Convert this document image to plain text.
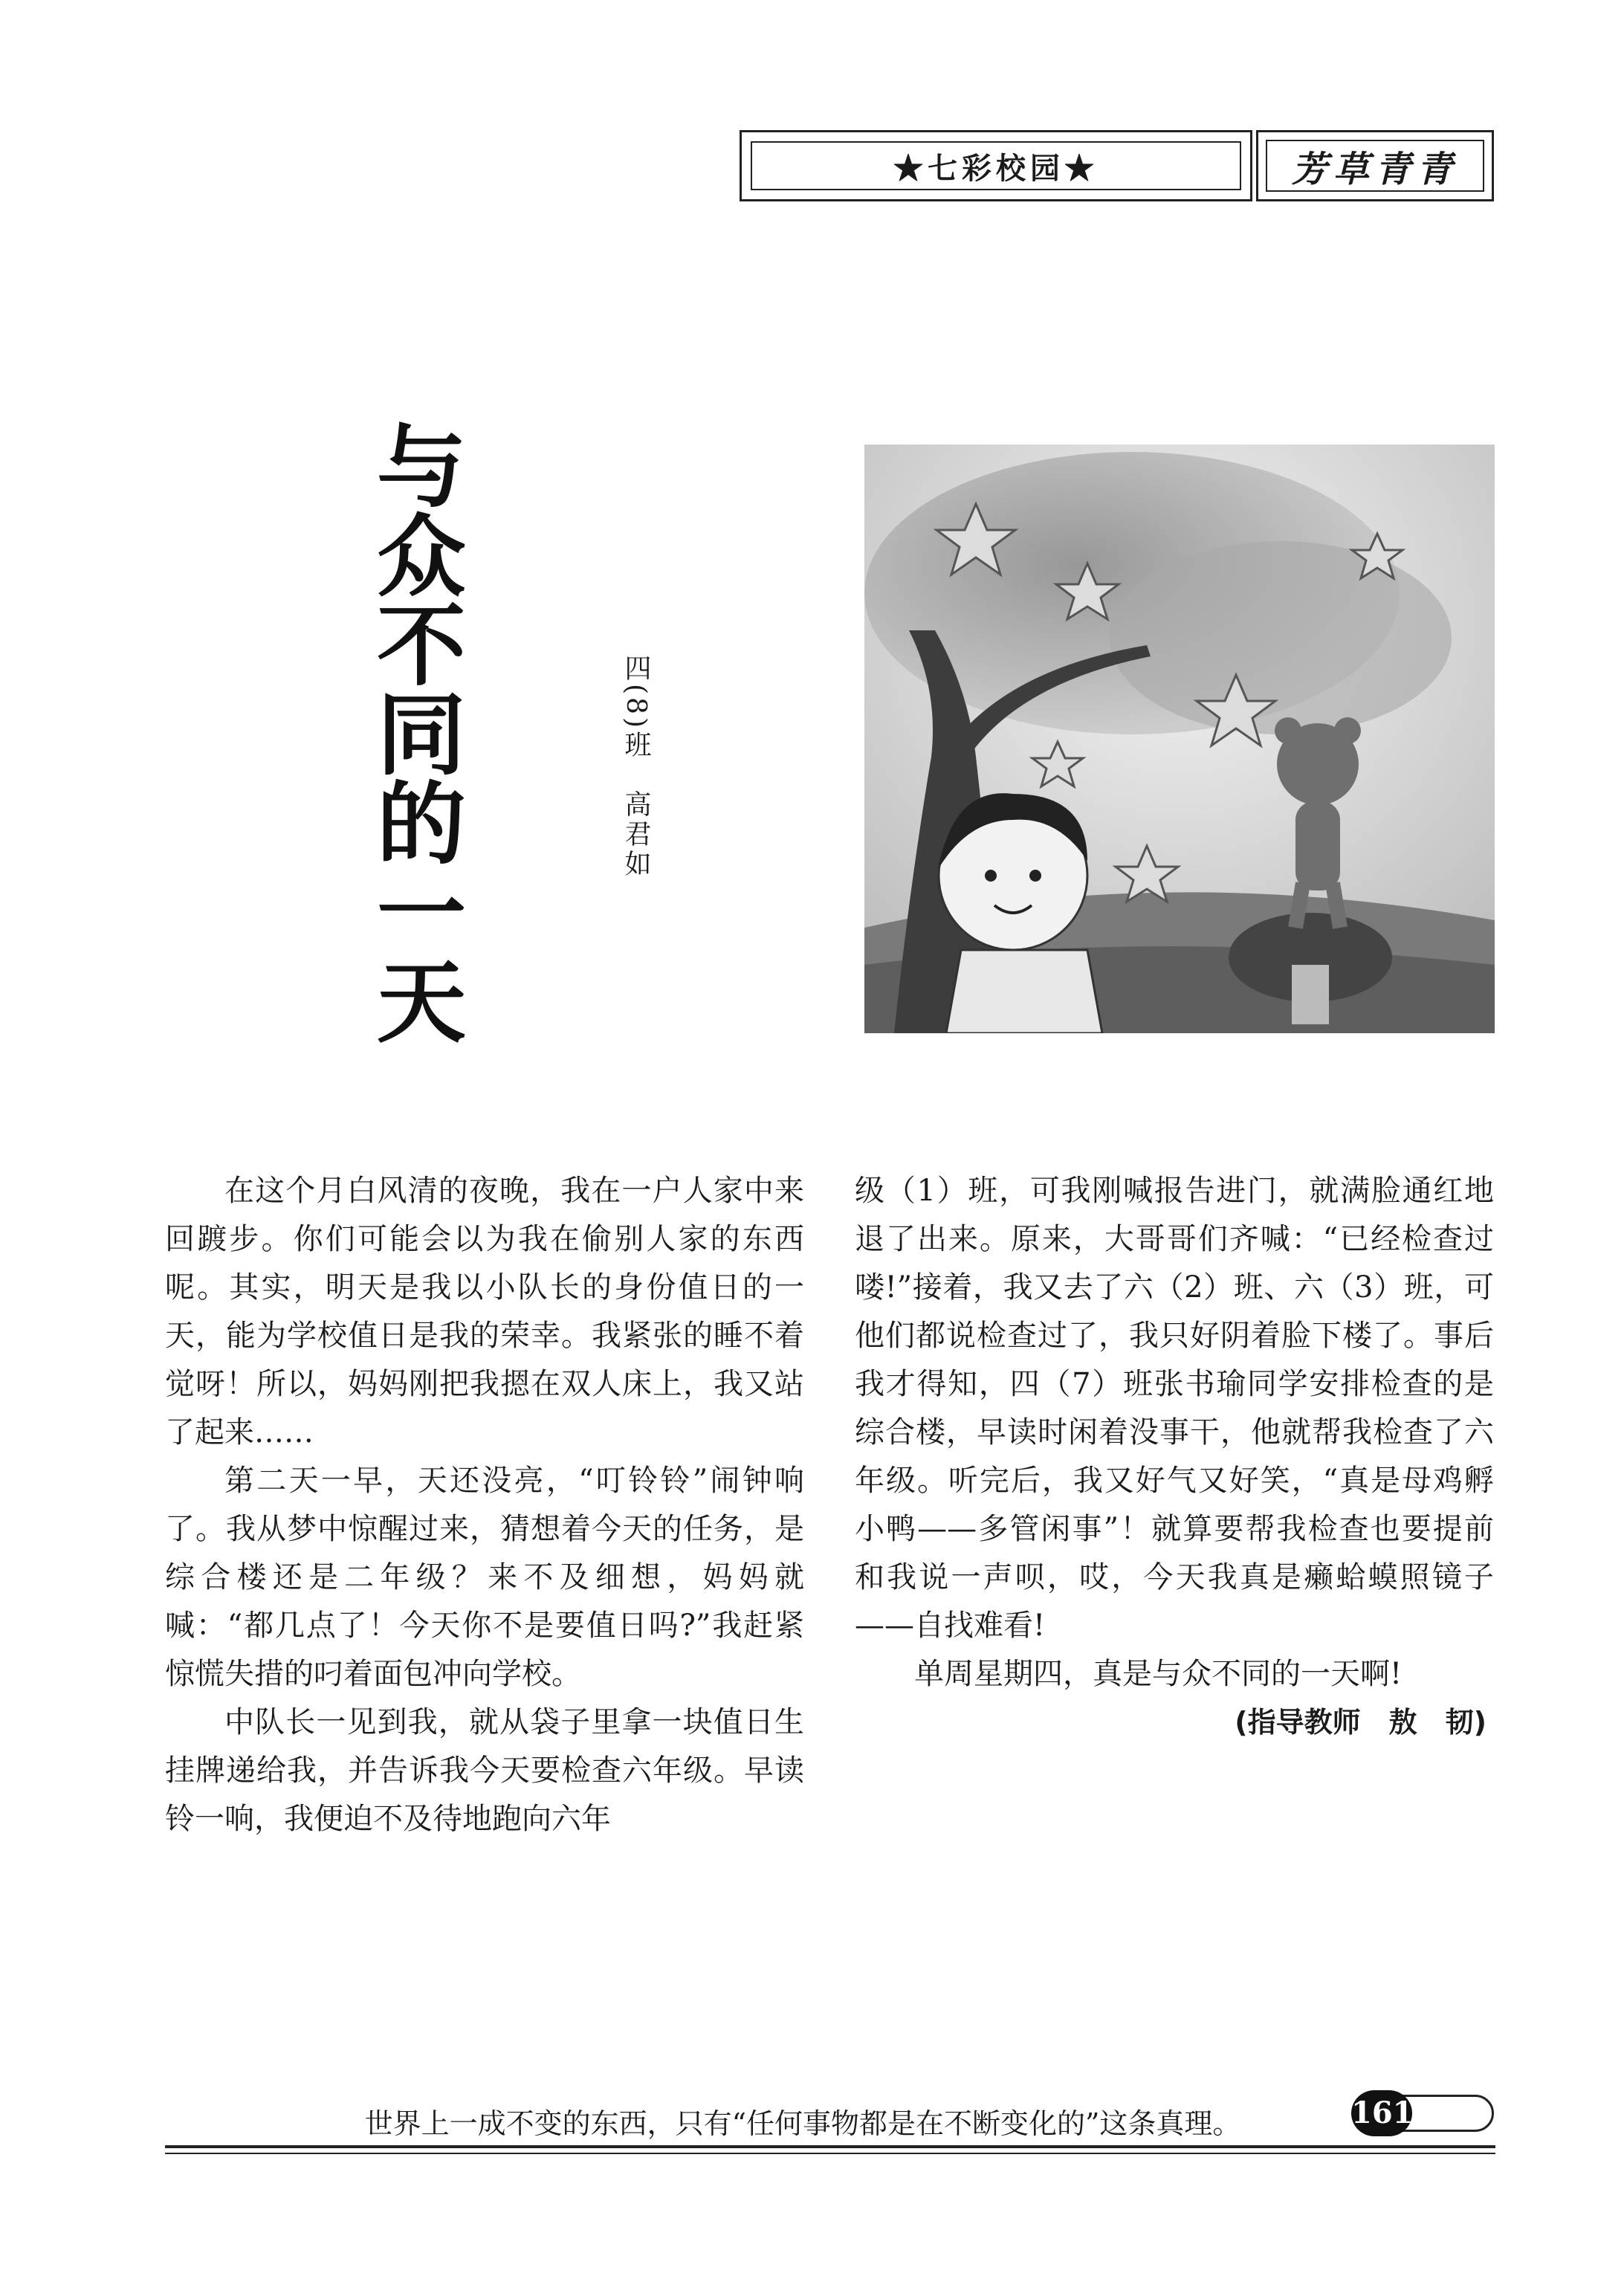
★七彩校园★	芳草青青
与众不同的一天	四(8)班　高君如

在这个月白风清的夜晚，我在一户人家中来回踱步。你们可能会以为我在偷别人家的东西呢。其实，明天是我以小队长的身份值日的一天，能为学校值日是我的荣幸。我紧张的睡不着觉呀！所以，妈妈刚把我摁在双人床上，我又站了起来……

第二天一早，天还没亮，“叮铃铃”闹钟响了。我从梦中惊醒过来，猜想着今天的任务，是综合楼还是二年级？来不及细想，妈妈就喊：“都几点了！今天你不是要值日吗?”我赶紧惊慌失措的叼着面包冲向学校。

中队长一见到我，就从袋子里拿一块值日生挂牌递给我，并告诉我今天要检查六年级。早读铃一响，我便迫不及待地跑向六年

级（1）班，可我刚喊报告进门，就满脸通红地退了出来。原来，大哥哥们齐喊：“已经检查过喽!”接着，我又去了六（2）班、六（3）班，可他们都说检查过了，我只好阴着脸下楼了。事后我才得知，四（7）班张书瑜同学安排检查的是综合楼，早读时闲着没事干，他就帮我检查了六年级。听完后，我又好气又好笑，“真是母鸡孵小鸭——多管闲事”！就算要帮我检查也要提前和我说一声呗，哎，今天我真是癞蛤蟆照镜子——自找难看!

单周星期四，真是与众不同的一天啊!

(指导教师　敖　韧)

世界上一成不变的东西，只有“任何事物都是在不断变化的”这条真理。	161
